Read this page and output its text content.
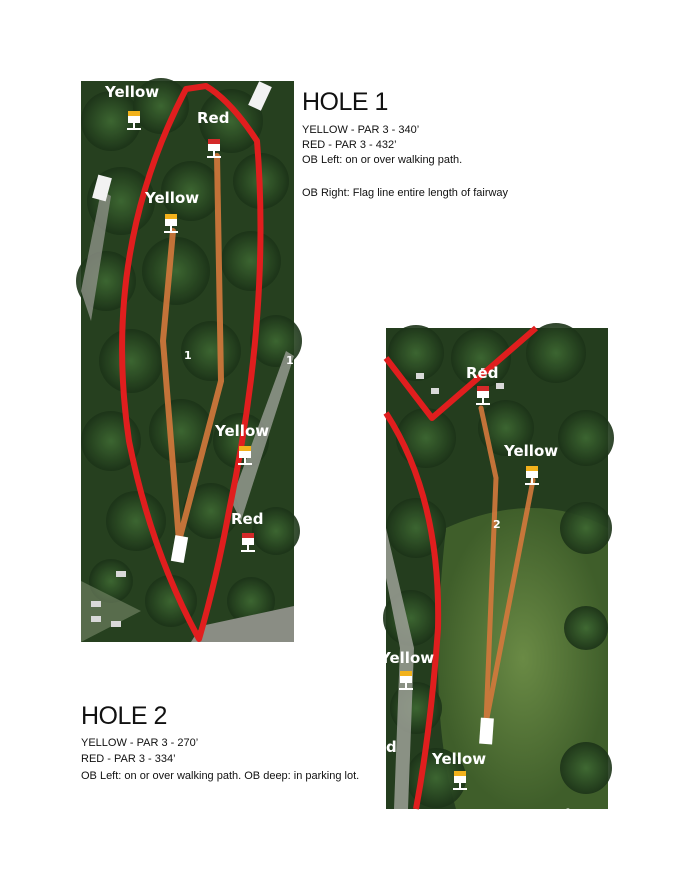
Yellow
Red
Yellow
Yellow
Red
1	1
HOLE 1
YELLOW - PAR 3 - 340’
RED - PAR 3 - 432’
OB Left: on or over walking path.
OB Right: Flag line entire length of fairway
Red
Yellow
Yellow
d
Yellow
Red
2
HOLE 2
YELLOW - PAR 3 - 270’
RED - PAR 3 - 334’
OB Left: on or over walking path. OB deep: in parking lot.
